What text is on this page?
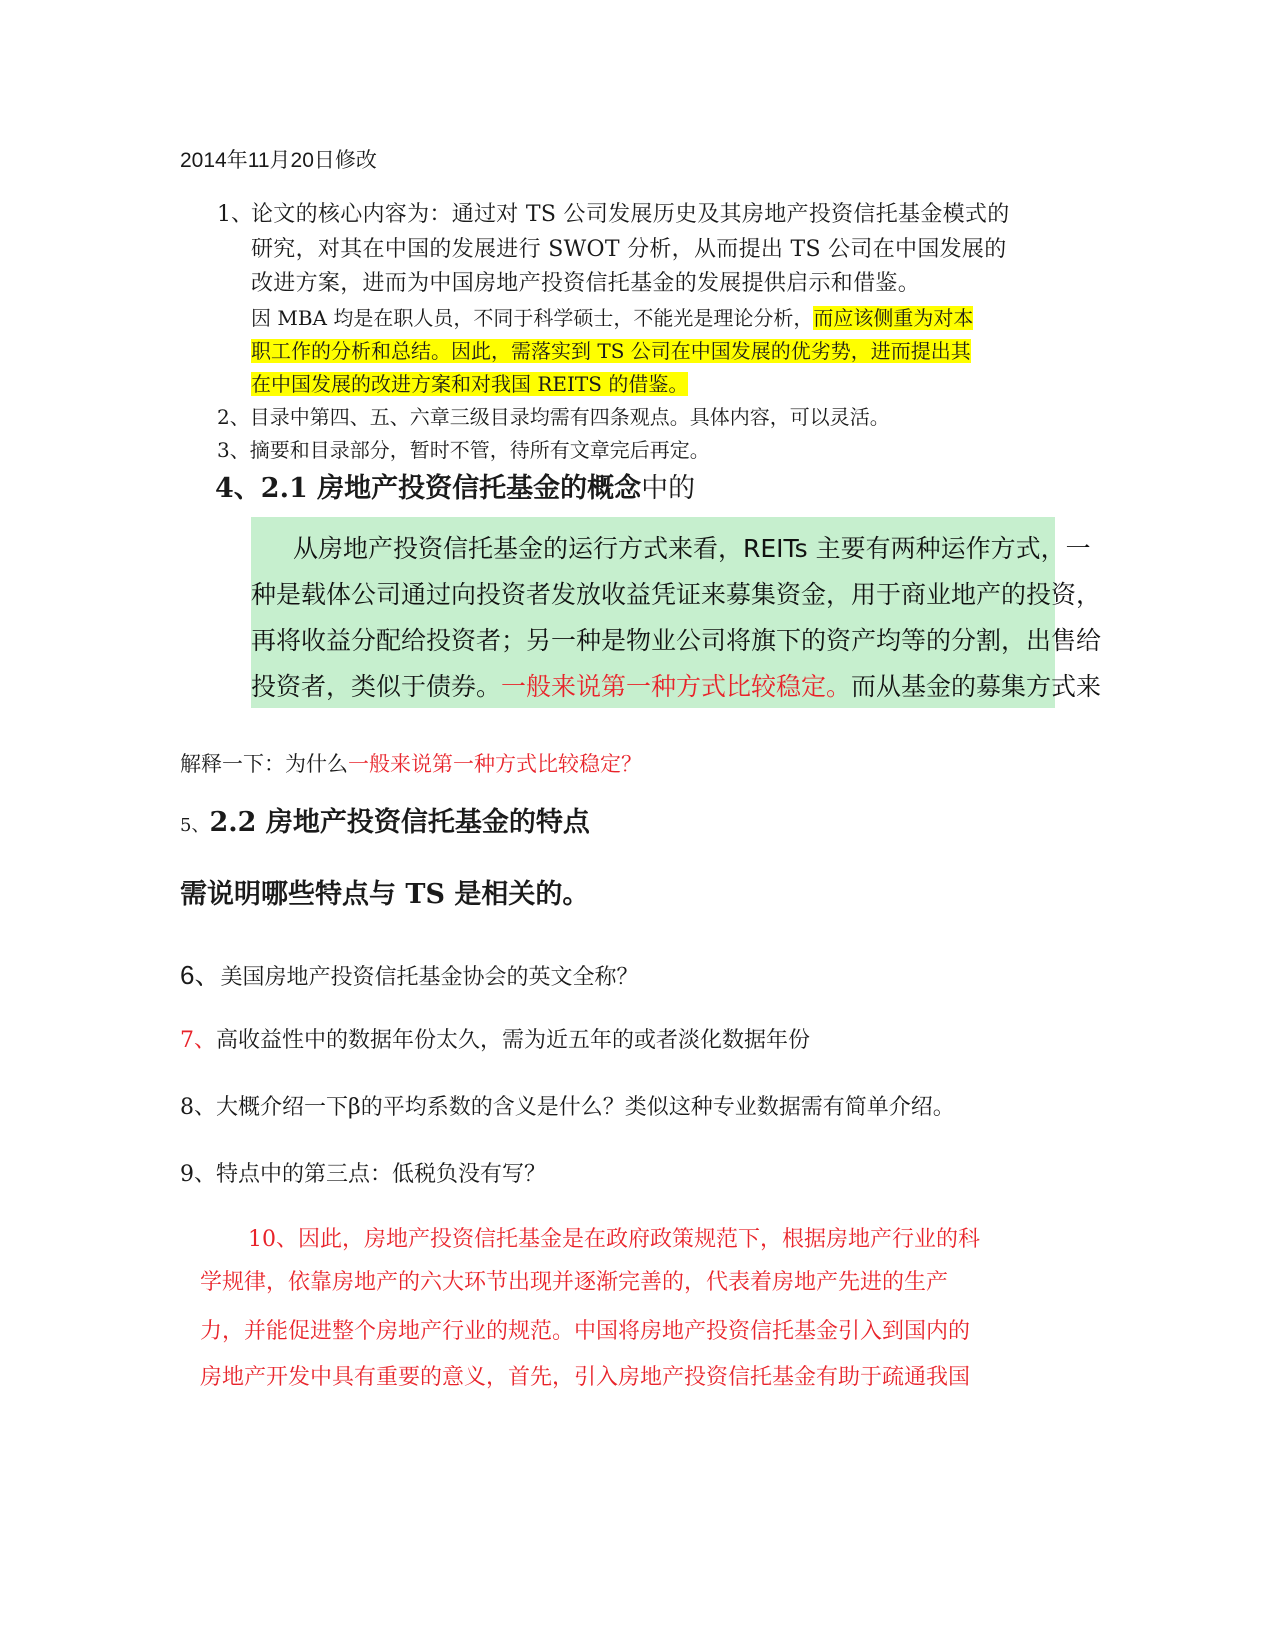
2014年11月20日修改
1、
论文的核心内容为：通过对 TS 公司发展历史及其房地产投资信托基金模式的
研究，对其在中国的发展进行 SWOT 分析，从而提出 TS 公司在中国发展的
改进方案，进而为中国房地产投资信托基金的发展提供启示和借鉴。
因 MBA 均是在职人员，不同于科学硕士，不能光是理论分析，而应该侧重为对本
职工作的分析和总结。因此，需落实到 TS 公司在中国发展的优劣势，进而提出其
在中国发展的改进方案和对我国 REITS 的借鉴。
2、目录中第四、五、六章三级目录均需有四条观点。具体内容，可以灵活。
3、摘要和目录部分，暂时不管，待所有文章完后再定。
4、2.1 房地产投资信托基金的概念中的
从房地产投资信托基金的运行方式来看，REITs 主要有两种运作方式，一
种是载体公司通过向投资者发放收益凭证来募集资金，用于商业地产的投资，
再将收益分配给投资者；另一种是物业公司将旗下的资产均等的分割，出售给
投资者，类似于债券。一般来说第一种方式比较稳定。而从基金的募集方式来
解释一下：为什么一般来说第一种方式比较稳定？
5、2.2 房地产投资信托基金的特点
需说明哪些特点与 TS 是相关的。
6、美国房地产投资信托基金协会的英文全称？
7、高收益性中的数据年份太久，需为近五年的或者淡化数据年份
8、大概介绍一下β的平均系数的含义是什么？类似这种专业数据需有简单介绍。
9、特点中的第三点：低税负没有写？
10、因此，房地产投资信托基金是在政府政策规范下，根据房地产行业的科
学规律，依靠房地产的六大环节出现并逐渐完善的，代表着房地产先进的生产
力，并能促进整个房地产行业的规范。中国将房地产投资信托基金引入到国内的
房地产开发中具有重要的意义，首先，引入房地产投资信托基金有助于疏通我国
